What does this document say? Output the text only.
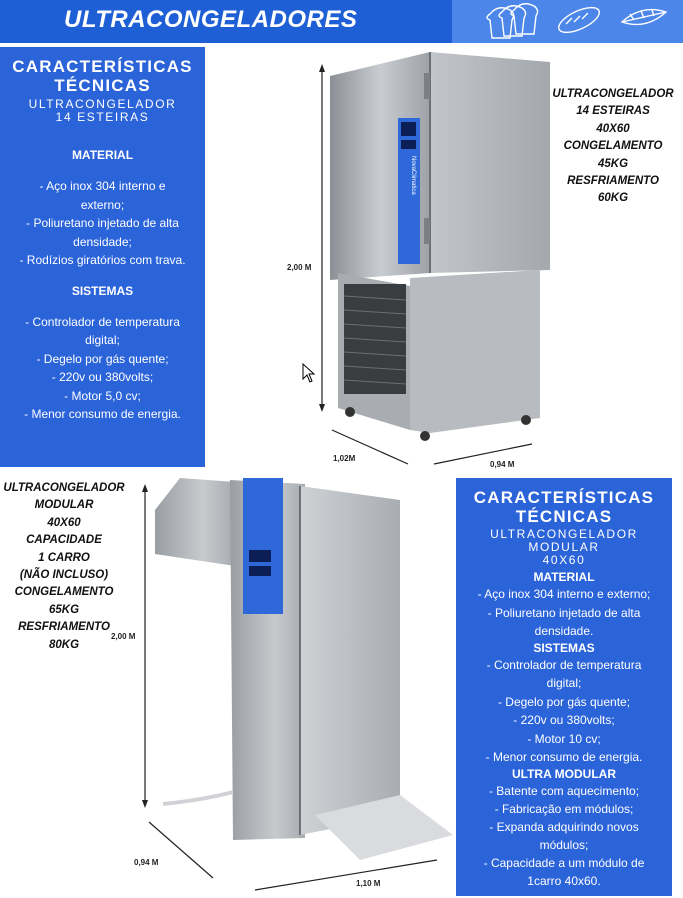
ULTRACONGELADORES
CARACTERÍSTICAS
TÉCNICAS
ULTRACONGELADOR
14 ESTEIRAS
MATERIAL
- Aço inox 304 interno e
externo;
- Poliuretano injetado de alta
densidade;
- Rodízios giratórios com trava.
SISTEMAS
- Controlador de temperatura
digital;
- Degelo por gás quente;
- 220v ou 380volts;
- Motor 5,0 cv;
- Menor consumo de energia.
NovaClimatica
2,00 M
1,02M
0,94 M
ULTRACONGELADOR
14 ESTEIRAS
40X60
CONGELAMENTO
45KG
RESFRIAMENTO
60KG
ULTRACONGELADOR
MODULAR
40X60
CAPACIDADE
1 CARRO
(NÃO INCLUSO)
CONGELAMENTO
65KG
RESFRIAMENTO
80KG
2,00 M
0,94 M
1,10 M
CARACTERÍSTICAS
TÉCNICAS
ULTRACONGELADOR
MODULAR
40X60
MATERIAL
- Aço inox 304 interno e externo;
- Poliuretano injetado de alta
densidade.
SISTEMAS
- Controlador de temperatura
digital;
- Degelo por gás quente;
- 220v ou 380volts;
- Motor 10 cv;
- Menor consumo de energia.
ULTRA MODULAR
- Batente com aquecimento;
- Fabricação em módulos;
- Expanda adquirindo novos
módulos;
- Capacidade a um módulo de
1carro 40x60.
